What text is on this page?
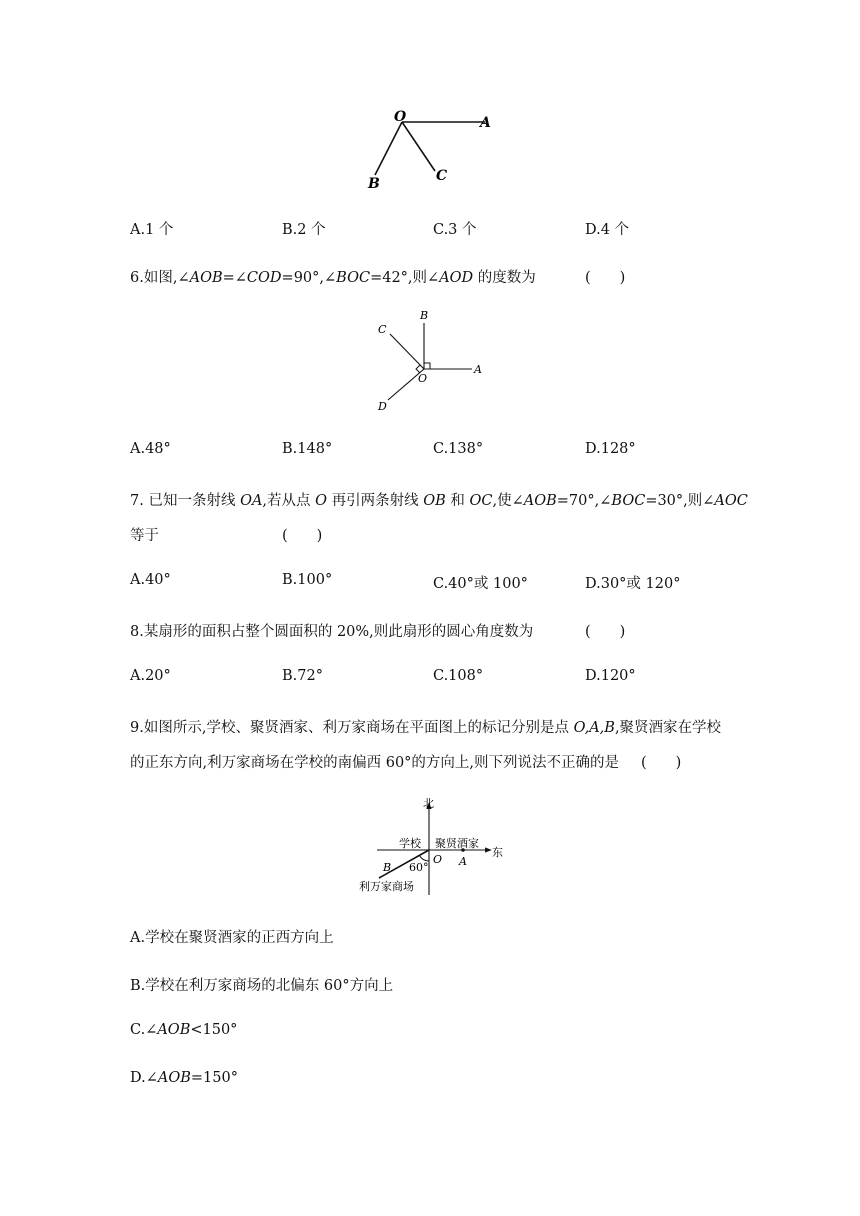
O	A
B	C
A.1 个	B.2 个	C.3 个	D.4 个
6.如图,∠AOB=∠COD=90°,∠BOC=42°,则∠AOD 的度数为	(　　)
B
C
O
A
D
A.48°	B.148°	C.138°	D.128°
7. 已知一条射线 OA,若从点 O 再引两条射线 OB 和 OC,使∠AOB=70°,∠BOC=30°,则∠AOC
等于	(　　)
A.40°	B.100°	C.40°或 100°	D.30°或 120°
8.某扇形的面积占整个圆面积的 20%,则此扇形的圆心角度数为	(　　)
A.20°	B.72°	C.108°	D.120°
9.如图所示,学校、聚贤酒家、利万家商场在平面图上的标记分别是点 O,A,B,聚贤酒家在学校
的正东方向,利万家商场在学校的南偏西 60°的方向上,则下列说法不正确的是 (　　)
北
学校 聚贤酒家
东
O A
60°
B
利万家商场
A.学校在聚贤酒家的正西方向上
B.学校在利万家商场的北偏东 60°方向上
C.∠AOB<150°
D.∠AOB=150°
